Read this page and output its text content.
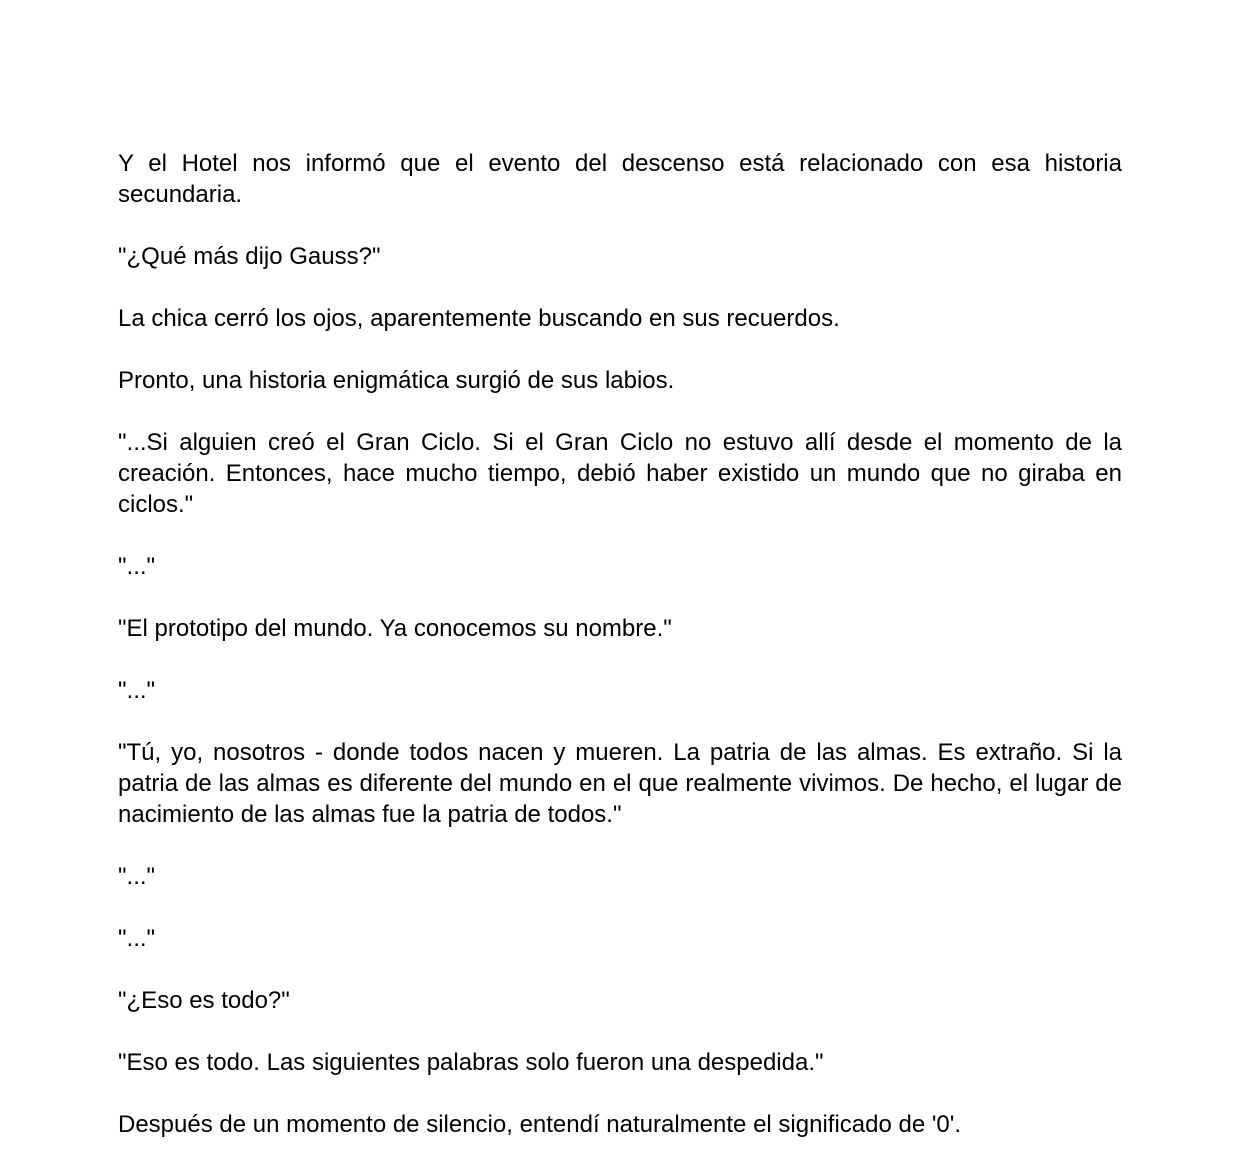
Y el Hotel nos informó que el evento del descenso está relacionado con esa historia secundaria.

"¿Qué más dijo Gauss?"

La chica cerró los ojos, aparentemente buscando en sus recuerdos.

Pronto, una historia enigmática surgió de sus labios.

"...Si alguien creó el Gran Ciclo. Si el Gran Ciclo no estuvo allí desde el momento de la creación. Entonces, hace mucho tiempo, debió haber existido un mundo que no giraba en ciclos."

"..."

"El prototipo del mundo. Ya conocemos su nombre."

"..."

"Tú, yo, nosotros - donde todos nacen y mueren. La patria de las almas. Es extraño. Si la patria de las almas es diferente del mundo en el que realmente vivimos. De hecho, el lugar de nacimiento de las almas fue la patria de todos."

"..."

"..."

"¿Eso es todo?"

"Eso es todo. Las siguientes palabras solo fueron una despedida."

Después de un momento de silencio, entendí naturalmente el significado de '0'.
